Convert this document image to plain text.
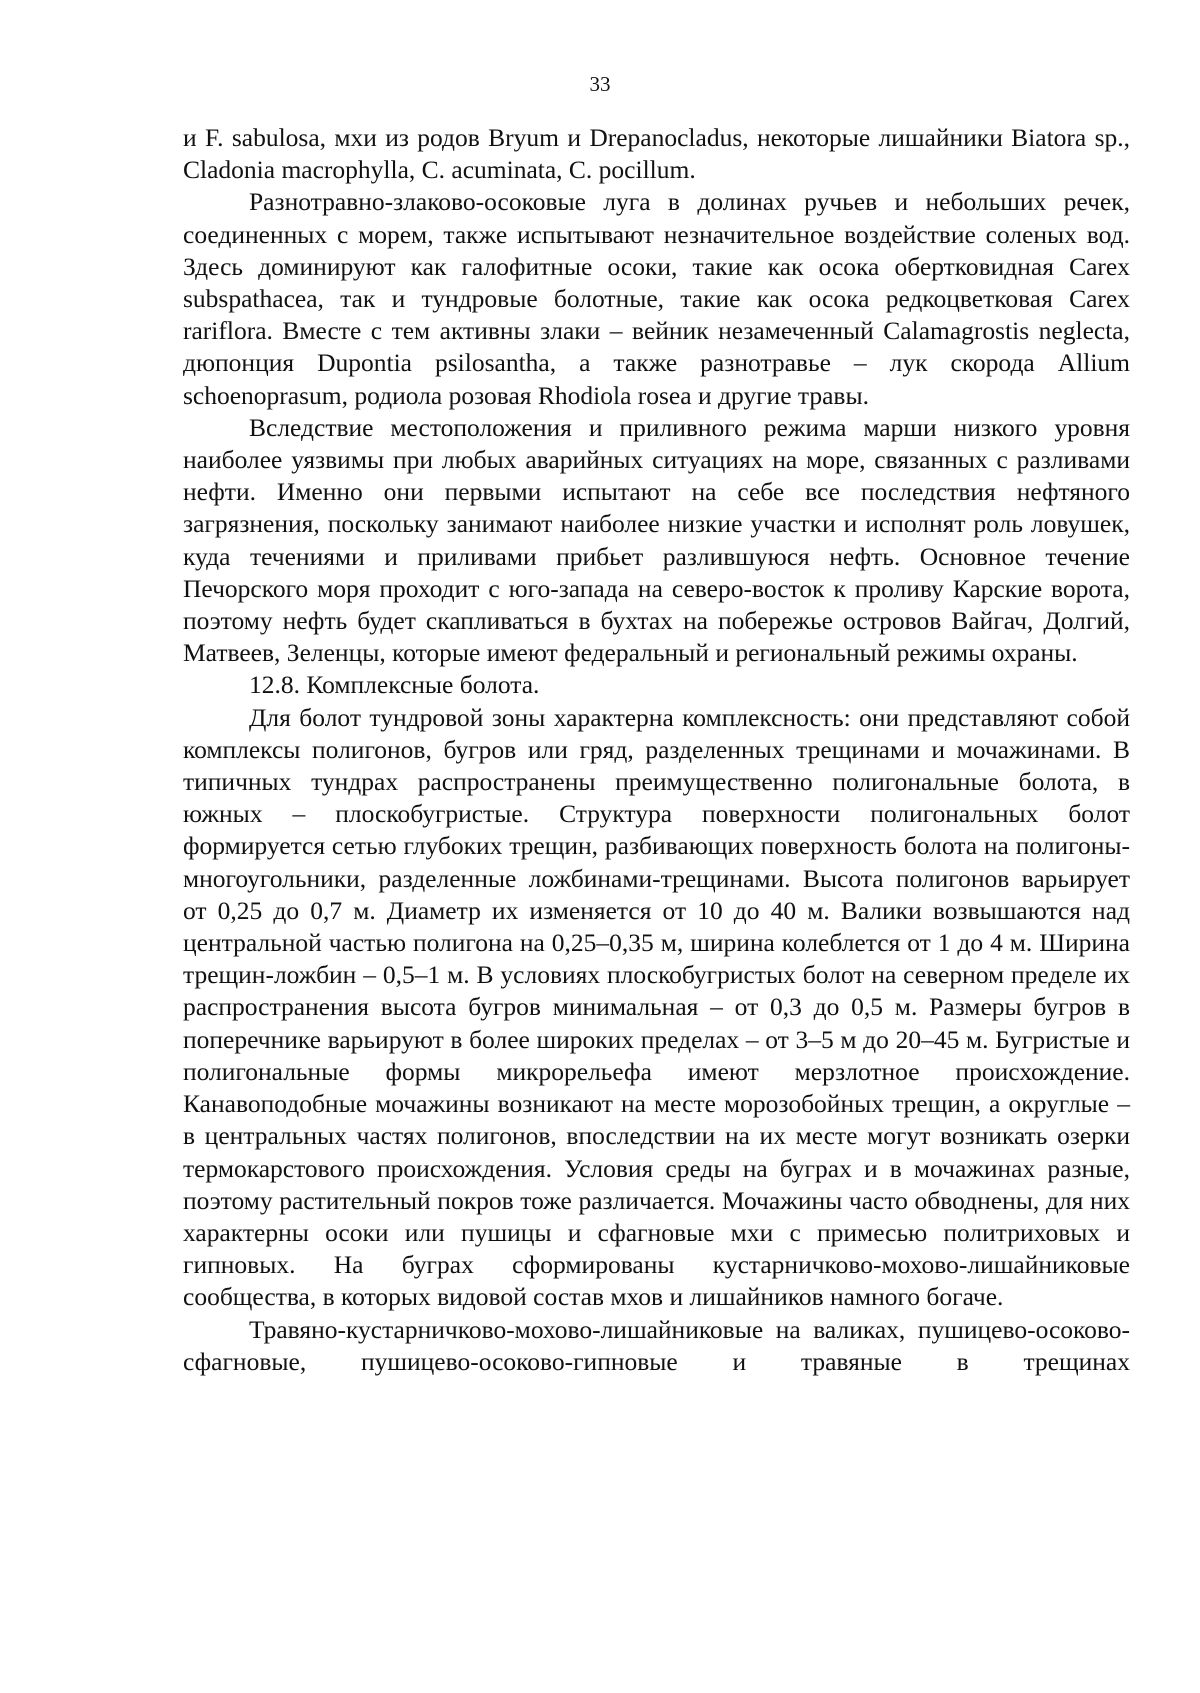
33

и F. sabulosa, мхи из родов Bryum и Drepanocladus, некоторые лишайники Biatora sp., Cladonia macrophylla, C. acuminata, C. pocillum.

Разнотравно-злаково-осоковые луга в долинах ручьев и небольших речек, соединенных с морем, также испытывают незначительное воздействие соленых вод. Здесь доминируют как галофитные осоки, такие как осока обертковидная Carex subspathacea, так и тундровые болотные, такие как осока редкоцветковая Carex rariflora. Вместе с тем активны злаки – вейник незамеченный Calamagrostis neglecta, дюпонция Dupontia psilosantha, а также разнотравье – лук скорода Allium schoenoprasum, родиола розовая Rhodiola rosea и другие травы.

Вследствие местоположения и приливного режима марши низкого уровня наиболее уязвимы при любых аварийных ситуациях на море, связанных с разливами нефти. Именно они первыми испытают на себе все последствия нефтяного загрязнения, поскольку занимают наиболее низкие участки и исполнят роль ловушек, куда течениями и приливами прибьет разлившуюся нефть. Основное течение Печорского моря проходит с юго-запада на северо-восток к проливу Карские ворота, поэтому нефть будет скапливаться в бухтах на побережье островов Вайгач, Долгий, Матвеев, Зеленцы, которые имеют федеральный и региональный режимы охраны.

12.8. Комплексные болота.

Для болот тундровой зоны характерна комплексность: они представляют собой комплексы полигонов, бугров или гряд, разделенных трещинами и мочажинами. В типичных тундрах распространены преимущественно полигональные болота, в южных – плоскобугристые. Структура поверхности полигональных болот формируется сетью глубоких трещин, разбивающих поверхность болота на полигоны-многоугольники, разделенные ложбинами-трещинами. Высота полигонов варьирует от 0,25 до 0,7 м. Диаметр их изменяется от 10 до 40 м. Валики возвышаются над центральной частью полигона на 0,25–0,35 м, ширина колеблется от 1 до 4 м. Ширина трещин-ложбин – 0,5–1 м. В условиях плоскобугристых болот на северном пределе их распространения высота бугров минимальная – от 0,3 до 0,5 м. Размеры бугров в поперечнике варьируют в более широких пределах – от 3–5 м до 20–45 м. Бугристые и полигональные формы микрорельефа имеют мерзлотное происхождение. Канавоподобные мочажины возникают на месте морозобойных трещин, а округлые – в центральных частях полигонов, впоследствии на их месте могут возникать озерки термокарстового происхождения. Условия среды на буграх и в мочажинах разные, поэтому растительный покров тоже различается. Мочажины часто обводнены, для них характерны осоки или пушицы и сфагновые мхи с примесью политриховых и гипновых. На буграх сформированы кустарничково-мохово-лишайниковые сообщества, в которых видовой состав мхов и лишайников намного богаче.

Травяно-кустарничково-мохово-лишайниковые на валиках, пушицево-осоково-сфагновые, пушицево-осоково-гипновые и травяные в трещинах
